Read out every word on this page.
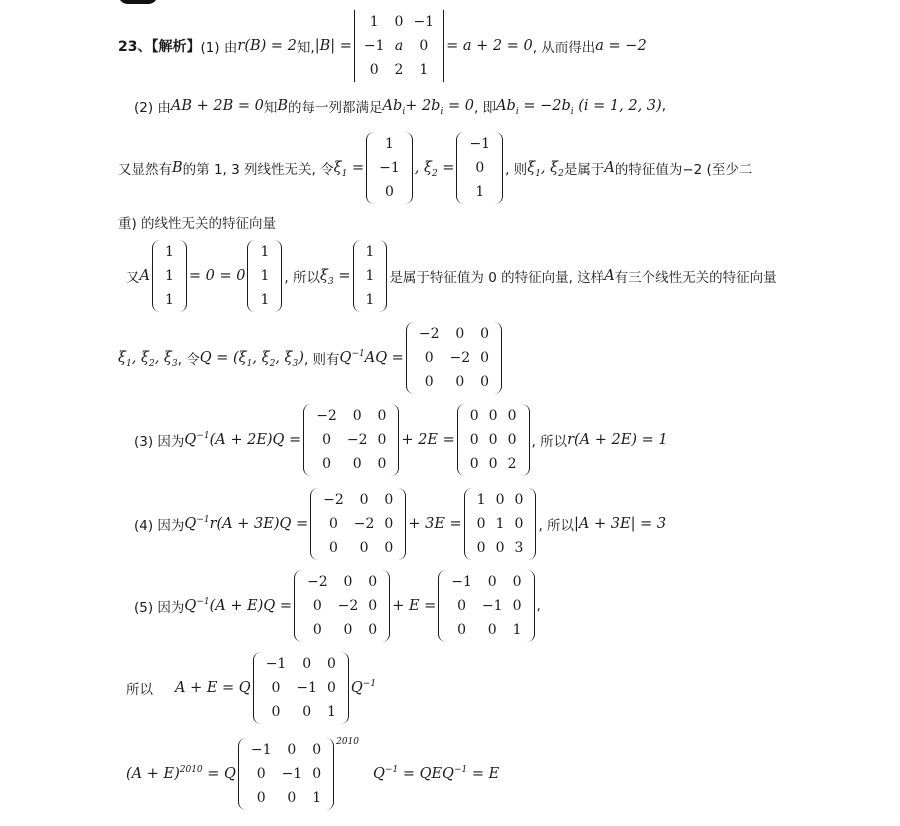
23、【解析】 (1) 由 r(B) = 2 知, |B| =
1	0	−1
−1	a	0
0	2	1
= a + 2 = 0 , 从而得出 a = −2
(2) 由 AB + 2B = 0 知 B 的每一列都满足 $Ab_i+ 2b_i = 0$ , 即 $Ab_i = -2b_i$ (i = 1, 2, 3) ,
又显然有 B 的第 1, 3 列线性无关, 令 $\xi_1$ =
1
−1
0
, $\xi_2$ =
−1
0
1
, 则 $\xi_1$, $\xi_2$ 是属于 A 的特征值为−2 (至少二
重) 的线性无关的特征向量
又 A
1
1
1
= 0 = 0
1
1
1
, 所以 $\xi_3$ =
1
1
1
是属于特征值为 0 的特征向量, 这样 A 有三个线性无关的特征向量
$\xi_1$, $\xi_2$, $\xi_3$ , 令 $Q = (\xi_1$, $\xi_2$, $\xi_3$) , 则有 $Q^{-1}AQ$ =
−2	0	0
0	−2	0
0	0	0
(3) 因为 $Q^{-1}(A + 2E)Q$ =
−2	0	0
0	−2	0
0	0	0
+ 2E =
0	0	0
0	0	0
0	0	2
, 所以 r(A + 2E) = 1
(4) 因为 $Q^{-1}r(A + 3E)Q$ =
−2	0	0
0	−2	0
0	0	0
+ 3E =
1	0	0
0	1	0
0	0	3
, 所以 |A + 3E| = 3
(5) 因为 $Q^{-1}(A + E)Q$ =
−2	0	0
0	−2	0
0	0	0
+ E =
−1	0	0
0	−1	0
0	0	1
,
所以 A + E = Q
−1	0	0
0	−1	0
0	0	1
$Q^{-1}$
$(A + E)^{2010} = Q$
−1	0	0
0	−1	0
0	0	1
$^{2010}$
$Q^{-1} = QEQ^{-1} = E$
